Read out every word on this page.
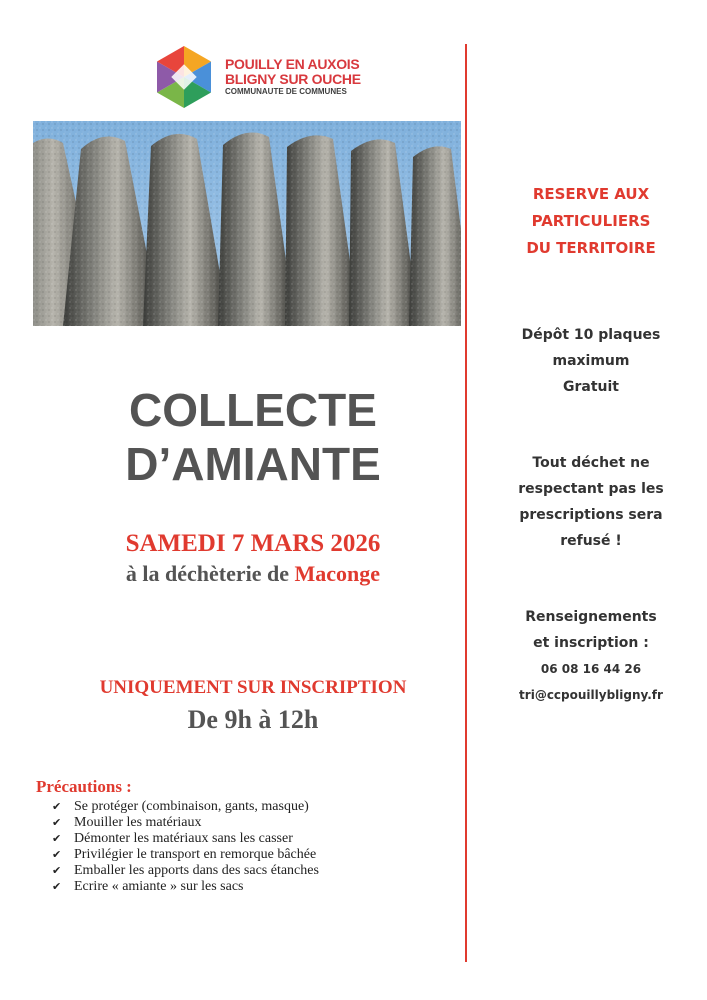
POUILLY EN AUXOIS
BLIGNY SUR OUCHE
COMMUNAUTE DE COMMUNES
COLLECTE
D’AMIANTE
SAMEDI 7 MARS 2026
à la déchèterie de Maconge
UNIQUEMENT SUR INSCRIPTION
De 9h à 12h
Précautions :
✔ Se protéger (combinaison, gants, masque)
✔ Mouiller les matériaux
✔ Démonter les matériaux sans les casser
✔ Privilégier le transport en remorque bâchée
✔ Emballer les apports dans des sacs étanches
✔ Ecrire « amiante » sur les sacs
RESERVE AUX
PARTICULIERS
DU TERRITOIRE
Dépôt 10 plaques
maximum
Gratuit
Tout déchet ne
respectant pas les
prescriptions sera
refusé !
Renseignements
et inscription :
06 08 16 44 26
tri@ccpouillybligny.fr
